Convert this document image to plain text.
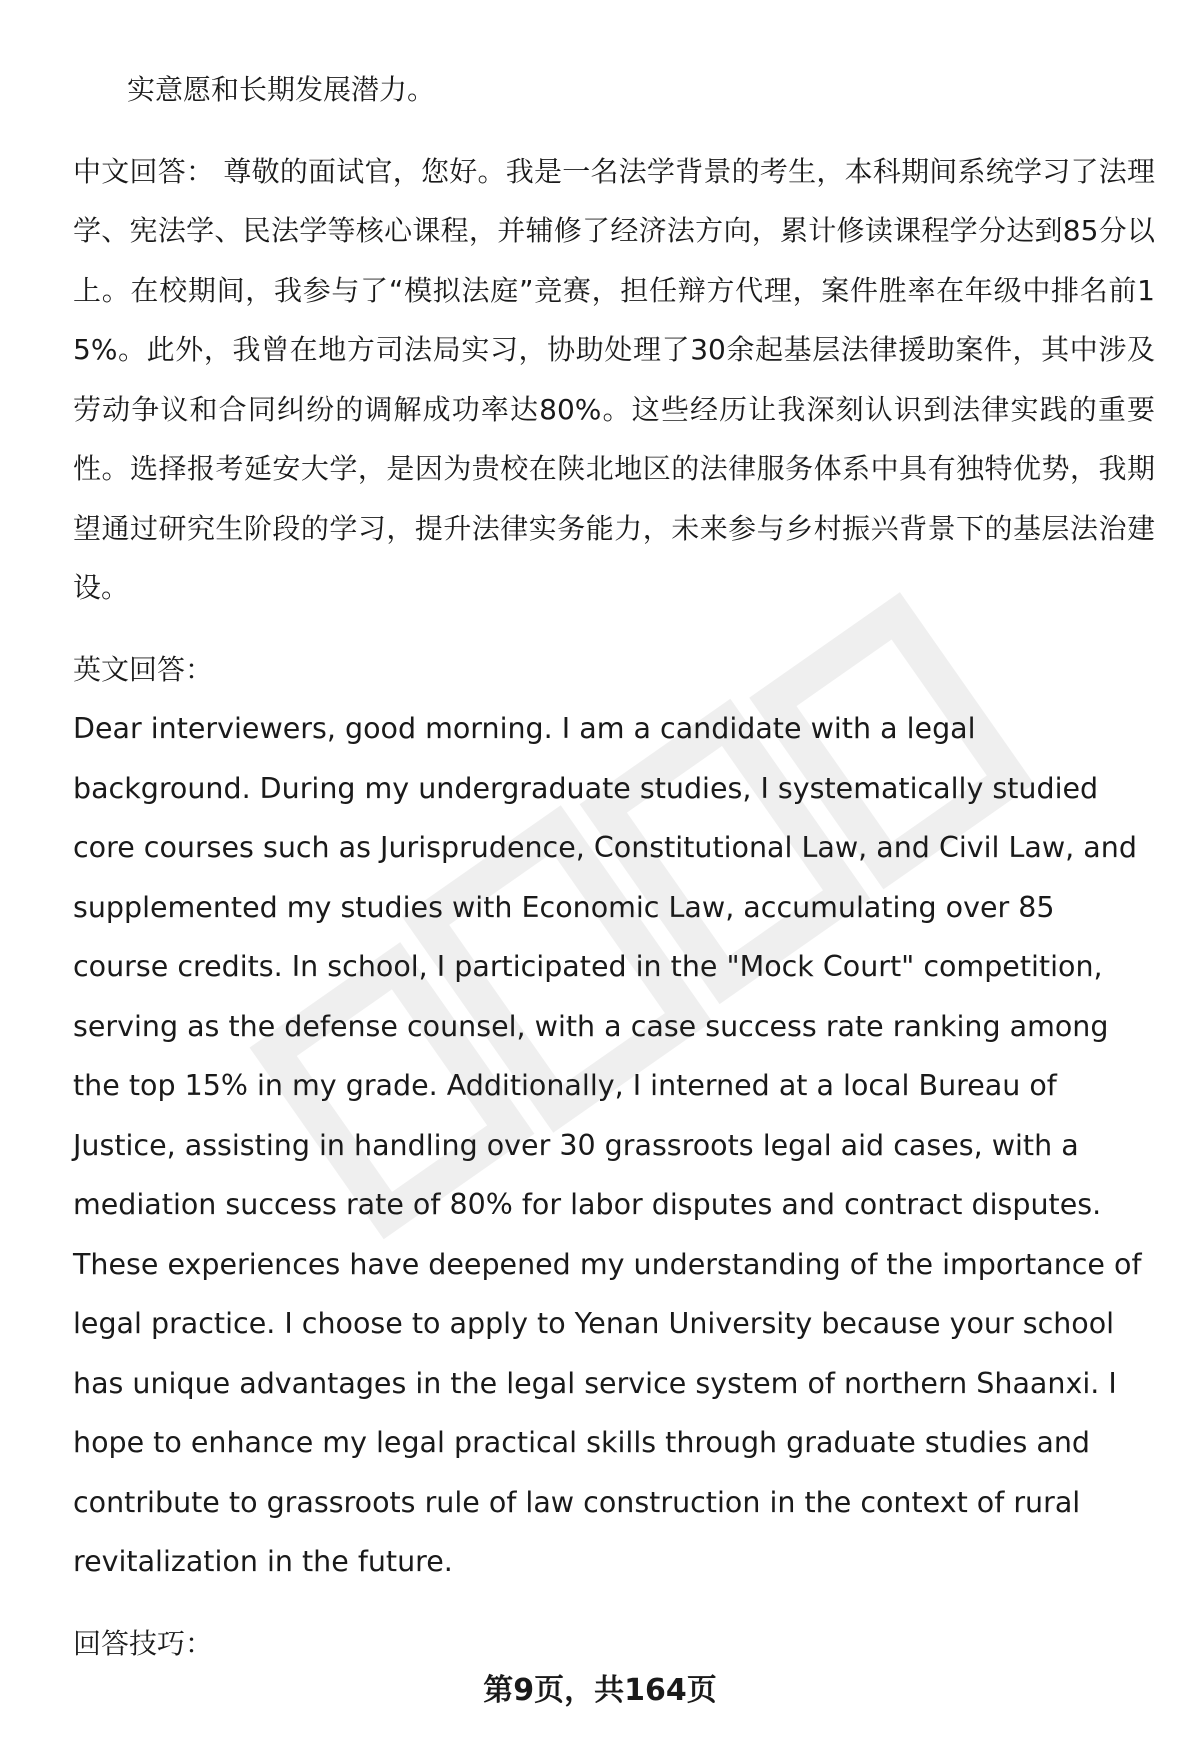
实意愿和长期发展潜力。

中文回答： 尊敬的面试官，您好。我是一名法学背景的考生，本科期间系统学习了法理学、宪法学、民法学等核心课程，并辅修了经济法方向，累计修读课程学分达到85分以上。在校期间，我参与了“模拟法庭”竞赛，担任辩方代理，案件胜率在年级中排名前15%。此外，我曾在地方司法局实习，协助处理了30余起基层法律援助案件，其中涉及劳动争议和合同纠纷的调解成功率达80%。这些经历让我深刻认识到法律实践的重要性。选择报考延安大学，是因为贵校在陕北地区的法律服务体系中具有独特优势，我期望通过研究生阶段的学习，提升法律实务能力，未来参与乡村振兴背景下的基层法治建设。

英文回答：

Dear interviewers, good morning. I am a candidate with a legal background. During my undergraduate studies, I systematically studied core courses such as Jurisprudence, Constitutional Law, and Civil Law, and supplemented my studies with Economic Law, accumulating over 85 course credits. In school, I participated in the "Mock Court" competition, serving as the defense counsel, with a case success rate ranking among the top 15% in my grade. Additionally, I interned at a local Bureau of Justice, assisting in handling over 30 grassroots legal aid cases, with a mediation success rate of 80% for labor disputes and contract disputes. These experiences have deepened my understanding of the importance of legal practice. I choose to apply to Yenan University because your school has unique advantages in the legal service system of northern Shaanxi. I hope to enhance my legal practical skills through graduate studies and contribute to grassroots rule of law construction in the context of rural revitalization in the future.

回答技巧：

第9页，共164页
